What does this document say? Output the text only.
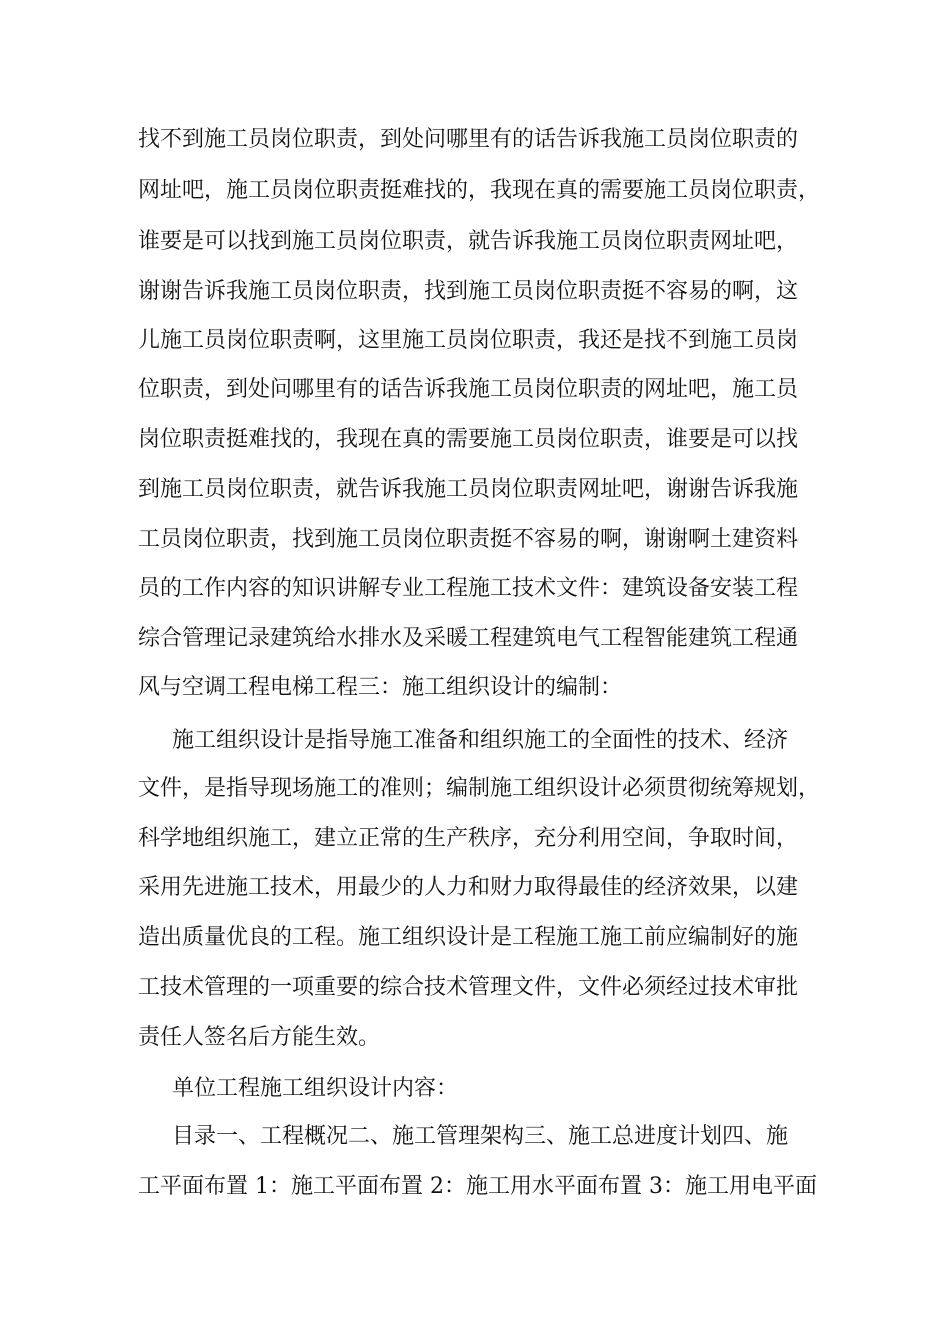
找不到施工员岗位职责，到处问哪里有的话告诉我施工员岗位职责的
网址吧，施工员岗位职责挺难找的，我现在真的需要施工员岗位职责，
谁要是可以找到施工员岗位职责，就告诉我施工员岗位职责网址吧，
谢谢告诉我施工员岗位职责，找到施工员岗位职责挺不容易的啊，这
儿施工员岗位职责啊，这里施工员岗位职责，我还是找不到施工员岗
位职责，到处问哪里有的话告诉我施工员岗位职责的网址吧，施工员
岗位职责挺难找的，我现在真的需要施工员岗位职责，谁要是可以找
到施工员岗位职责，就告诉我施工员岗位职责网址吧，谢谢告诉我施
工员岗位职责，找到施工员岗位职责挺不容易的啊，谢谢啊土建资料
员的工作内容的知识讲解专业工程施工技术文件：建筑设备安装工程
综合管理记录建筑给水排水及采暖工程建筑电气工程智能建筑工程通
风与空调工程电梯工程三：施工组织设计的编制：
施工组织设计是指导施工准备和组织施工的全面性的技术、经济
文件，是指导现场施工的准则；编制施工组织设计必须贯彻统筹规划，
科学地组织施工，建立正常的生产秩序，充分利用空间，争取时间，
采用先进施工技术，用最少的人力和财力取得最佳的经济效果，以建
造出质量优良的工程。施工组织设计是工程施工施工前应编制好的施
工技术管理的一项重要的综合技术管理文件，文件必须经过技术审批
责任人签名后方能生效。
单位工程施工组织设计内容：
目录一、工程概况二、施工管理架构三、施工总进度计划四、施
工平面布置 1：施工平面布置 2：施工用水平面布置 3：施工用电平面
